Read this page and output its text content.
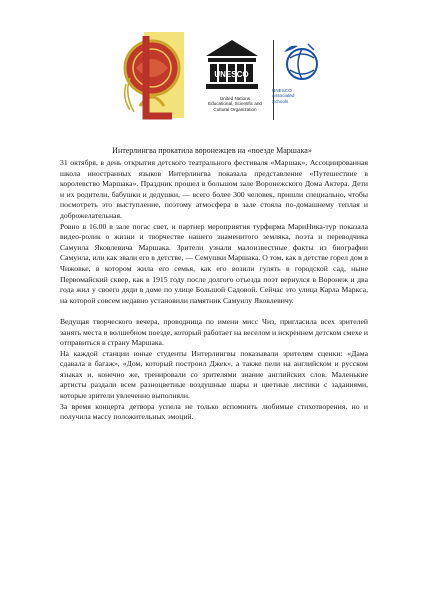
UNESCO
United Nations
Educational, Scientific and
Cultural Organization
UNESCO
Associated
Schools
Интерлингва прокатила воронежцев на «поезде Маршака»

31 октября, в день открытия детского театрального фестиваля «Маршак», Ассоциированная школа иностранных языков Интерлингва показала представление «Путешествие в королевство Маршака». Праздник прошел в большом зале Воронежского Дома Актера. Дети и их родители, бабушки и дедушки, — всего более 300 человек, пришли специально, чтобы посмотреть это выступление, поэтому атмосфера в зале стояла по-домашнему теплая и доброжелательная.

Ровно в 16.00 в зале погас свет, и партнер мероприятия турфирма МариНика-тур показала видео-ролик о жизни и творчестве нашего знаменитого земляка, поэта и переводчика Самуила Яковлевича Маршака. Зрители узнали малоизвестные факты из биографии Самуила, или как звали его в детстве, — Семушки Маршака. О том, как в детстве горел дом в Чижовке, в котором жила его семья, как его возили гулять в городской сад, ныне Первомайский сквер, как в 1915 году после долгого отъезда поэт вернулся в Воронеж и два года жил у своего дяди в доме по улице Большой Садовой. Сейчас это улица Карла Маркса, на которой совсем недавно установили памятник Самуилу Яковлевичу.

Ведущая творческого вечера, проводница по имени мисс Чиз, пригласила всех зрителей занять места в волшебном поезде, который работает на веселом и искреннем детском смехе и отправиться в страну Маршака.

На каждой станции юные студенты Интерлингвы показывали зрителям сценки: «Дама сдавала в багаж», «Дом, который построил Джек», а также пели на английском и русском языках и, конечно же, тренировали со зрителями знание английских слов. Маленькие артисты раздали всем разноцветные воздушные шары и цветные листики с заданиями, которые зрители увлеченно выполняли.

За время концерта детвора успела не только вспомнить любимые стихотворения, но и получила массу положительных эмоций.
